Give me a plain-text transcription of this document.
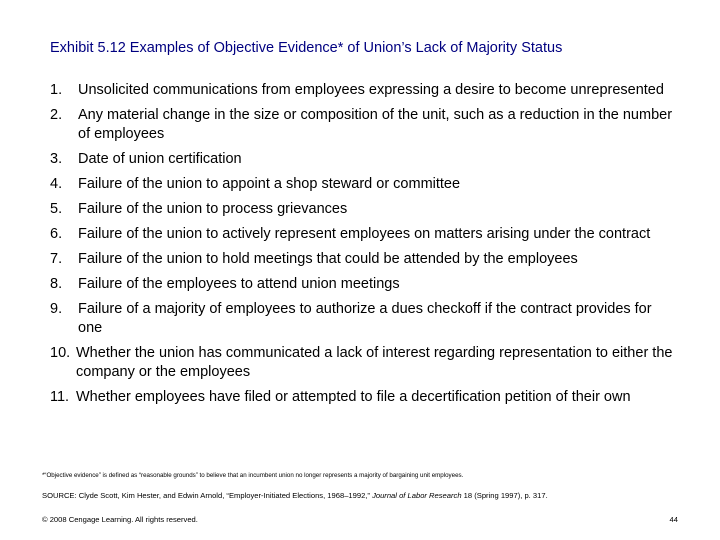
Exhibit 5.12 Examples of Objective Evidence* of Union’s Lack of Majority Status
1.	Unsolicited communications from employees expressing a desire to become unrepresented
2.	Any material change in the size or composition of the unit, such as a reduction in the number of employees
3.	Date of union certification
4.	Failure of the union to appoint a shop steward or committee
5.	Failure of the union to process grievances
6.	Failure of the union to actively represent employees on matters arising under the contract
7.	Failure of the union to hold meetings that could be attended by the employees
8.	Failure of the employees to attend union meetings
9.	Failure of a majority of employees to authorize a dues checkoff if the contract provides for one
10. Whether the union has communicated a lack of interest regarding representation to either the company or the employees
11. Whether employees have filed or attempted to file a decertification petition of their own
*“Objective evidence” is defined as “reasonable grounds” to believe that an incumbent union no longer represents a majority of bargaining unit employees.
SOURCE: Clyde Scott, Kim Hester, and Edwin Arnold, “Employer-Initiated Elections, 1968–1992,” Journal of Labor Research 18 (Spring 1997), p. 317.
© 2008 Cengage Learning. All rights reserved.	44
